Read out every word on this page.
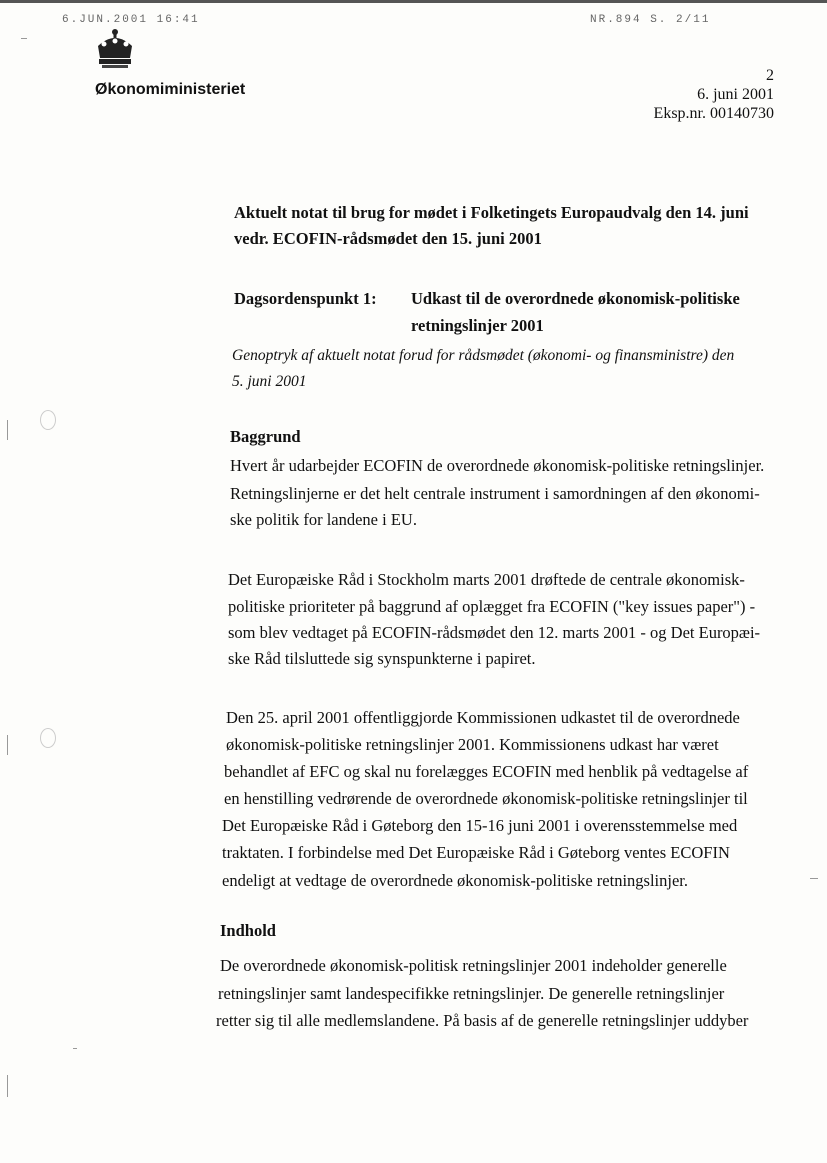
6.JUN.2001 16:41	NR.894 S. 2/11
Økonomiministeriet
2
6. juni 2001
Eksp.nr. 00140730
Aktuelt notat til brug for mødet i Folketingets Europaudvalg den 14. juni
vedr. ECOFIN-rådsmødet den 15. juni 2001
Dagsordenspunkt 1: Udkast til de overordnede økonomisk-politiske
retningslinjer 2001
Genoptryk af aktuelt notat forud for rådsmødet (økonomi- og finansministre) den
5. juni 2001
Baggrund
Hvert år udarbejder ECOFIN de overordnede økonomisk-politiske retningslinjer.
Retningslinjerne er det helt centrale instrument i samordningen af den økonomi-
ske politik for landene i EU.
Det Europæiske Råd i Stockholm marts 2001 drøftede de centrale økonomisk-
politiske prioriteter på baggrund af oplægget fra ECOFIN ("key issues paper") -
som blev vedtaget på ECOFIN-rådsmødet den 12. marts 2001 - og Det Europæi-
ske Råd tilsluttede sig synspunkterne i papiret.
Den 25. april 2001 offentliggjorde Kommissionen udkastet til de overordnede
økonomisk-politiske retningslinjer 2001. Kommissionens udkast har været
behandlet af EFC og skal nu forelægges ECOFIN med henblik på vedtagelse af
en henstilling vedrørende de overordnede økonomisk-politiske retningslinjer til
Det Europæiske Råd i Gøteborg den 15-16 juni 2001 i overensstemmelse med
traktaten. I forbindelse med Det Europæiske Råd i Gøteborg ventes ECOFIN
endeligt at vedtage de overordnede økonomisk-politiske retningslinjer.
Indhold
De overordnede økonomisk-politisk retningslinjer 2001 indeholder generelle
retningslinjer samt landespecifikke retningslinjer. De generelle retningslinjer
retter sig til alle medlemslandene. På basis af de generelle retningslinjer uddyber
